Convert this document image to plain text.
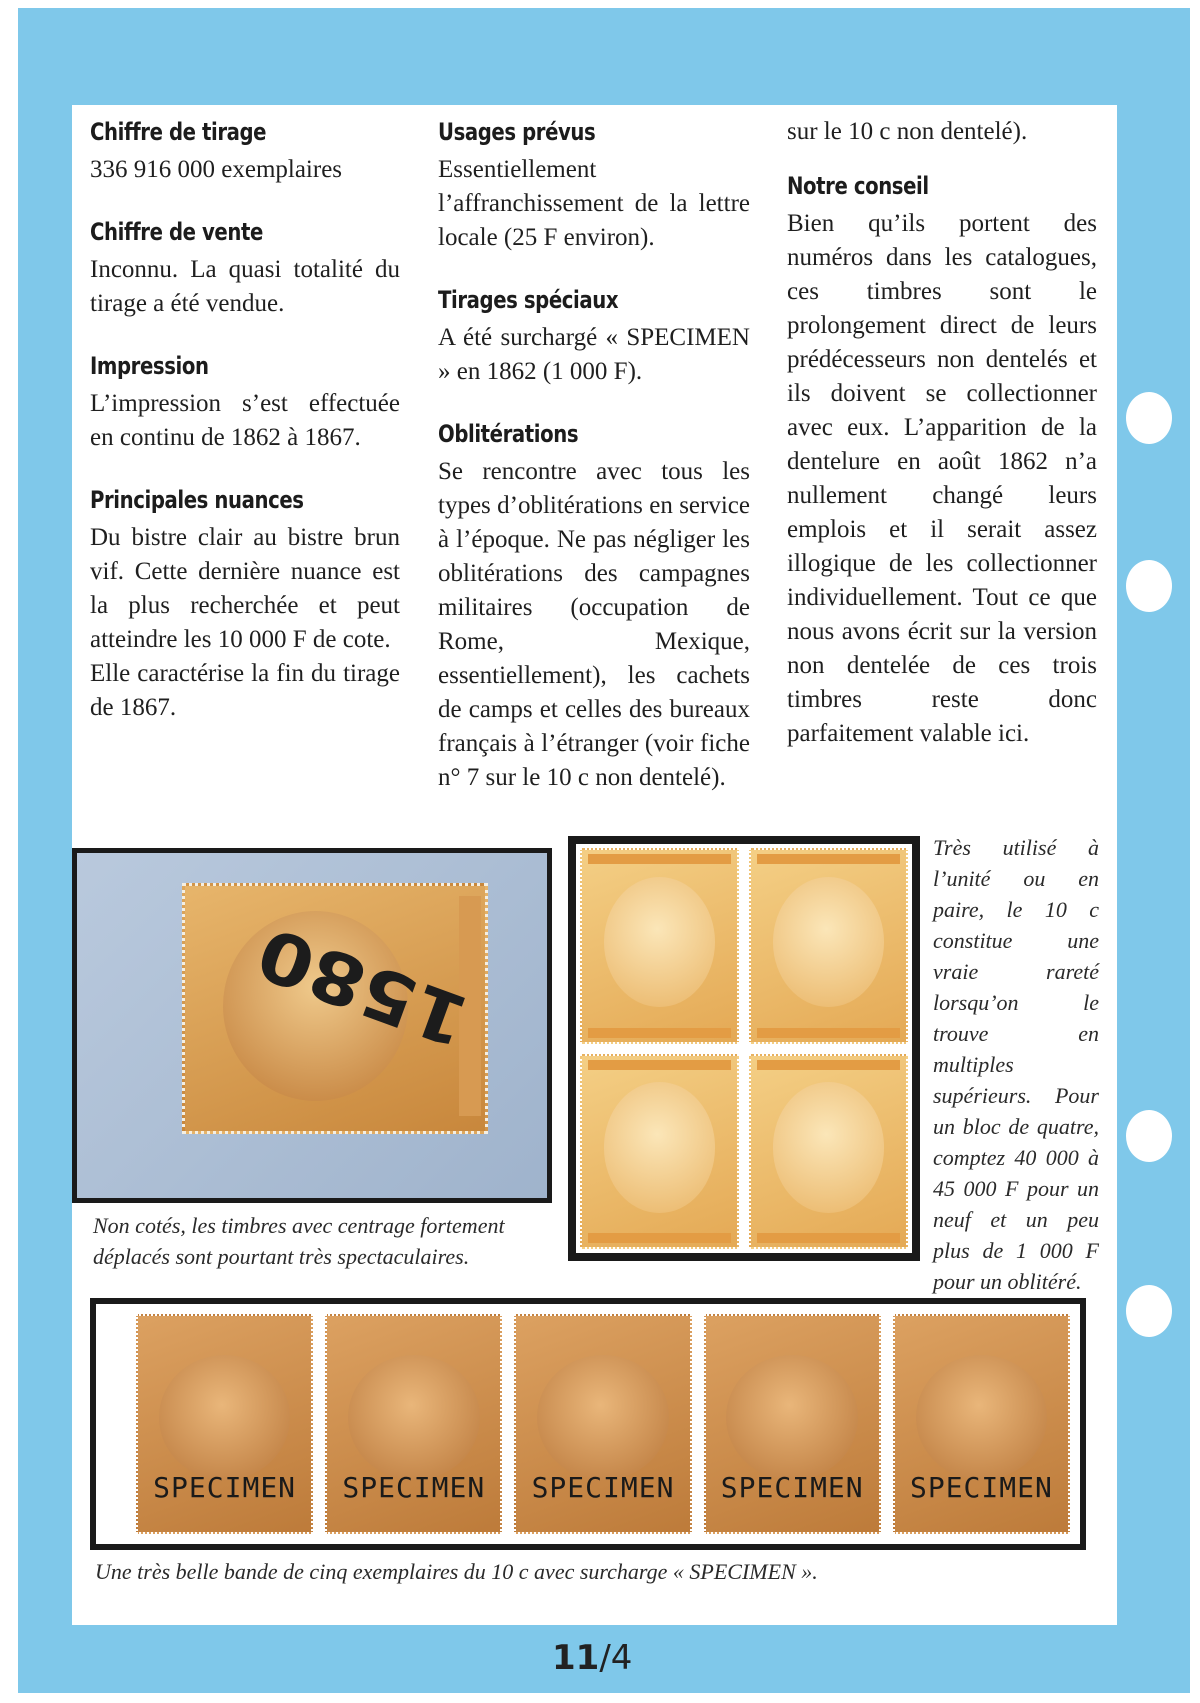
Chiffre de tirage

336 916 000 exemplaires

Chiffre de vente

Inconnu. La quasi totalité du tirage a été vendue.

Impression

L’impression s’est effectuée en continu de 1862 à 1867.

Principales nuances

Du bistre clair au bistre brun vif. Cette dernière nuance est la plus recherchée et peut atteindre les 10 000 F de cote.

Elle caractérise la fin du tirage de 1867.

Usages prévus

Essentiellement l’affranchissement de la lettre locale (25 F environ).

Tirages spéciaux

A été surchargé « SPECIMEN » en 1862 (1 000 F).

Oblitérations

Se rencontre avec tous les types d’oblitérations en service à l’époque. Ne pas négliger les oblitérations des campagnes militaires (occupation de Rome, Mexique, essentiellement), les cachets de camps et celles des bureaux français à l’étranger (voir fiche n° 7 sur le 10 c non dentelé).

sur le 10 c non dentelé).

Notre conseil

Bien qu’ils portent des numéros dans les catalogues, ces timbres sont le prolongement direct de leurs prédécesseurs non dentelés et ils doivent se collectionner avec eux. L’apparition de la dentelure en août 1862 n’a nullement changé leurs emplois et il serait assez illogique de les collectionner individuellement. Tout ce que nous avons écrit sur la version non dentelée de ces trois timbres reste donc parfaitement valable ici.

1580
Non cotés, les timbres avec centrage fortement déplacés sont pourtant très spectaculaires.
Très utilisé à l’unité ou en paire, le 10 c constitue une vraie rareté lorsqu’on le trouve en multiples supérieurs. Pour un bloc de quatre, comptez 40 000 à 45 000 F pour un neuf et un peu plus de 1 000 F pour un oblitéré.
SPECIMEN	SPECIMEN	SPECIMEN	SPECIMEN	SPECIMEN
Une très belle bande de cinq exemplaires du 10 c avec surcharge « SPECIMEN ».
11/4
